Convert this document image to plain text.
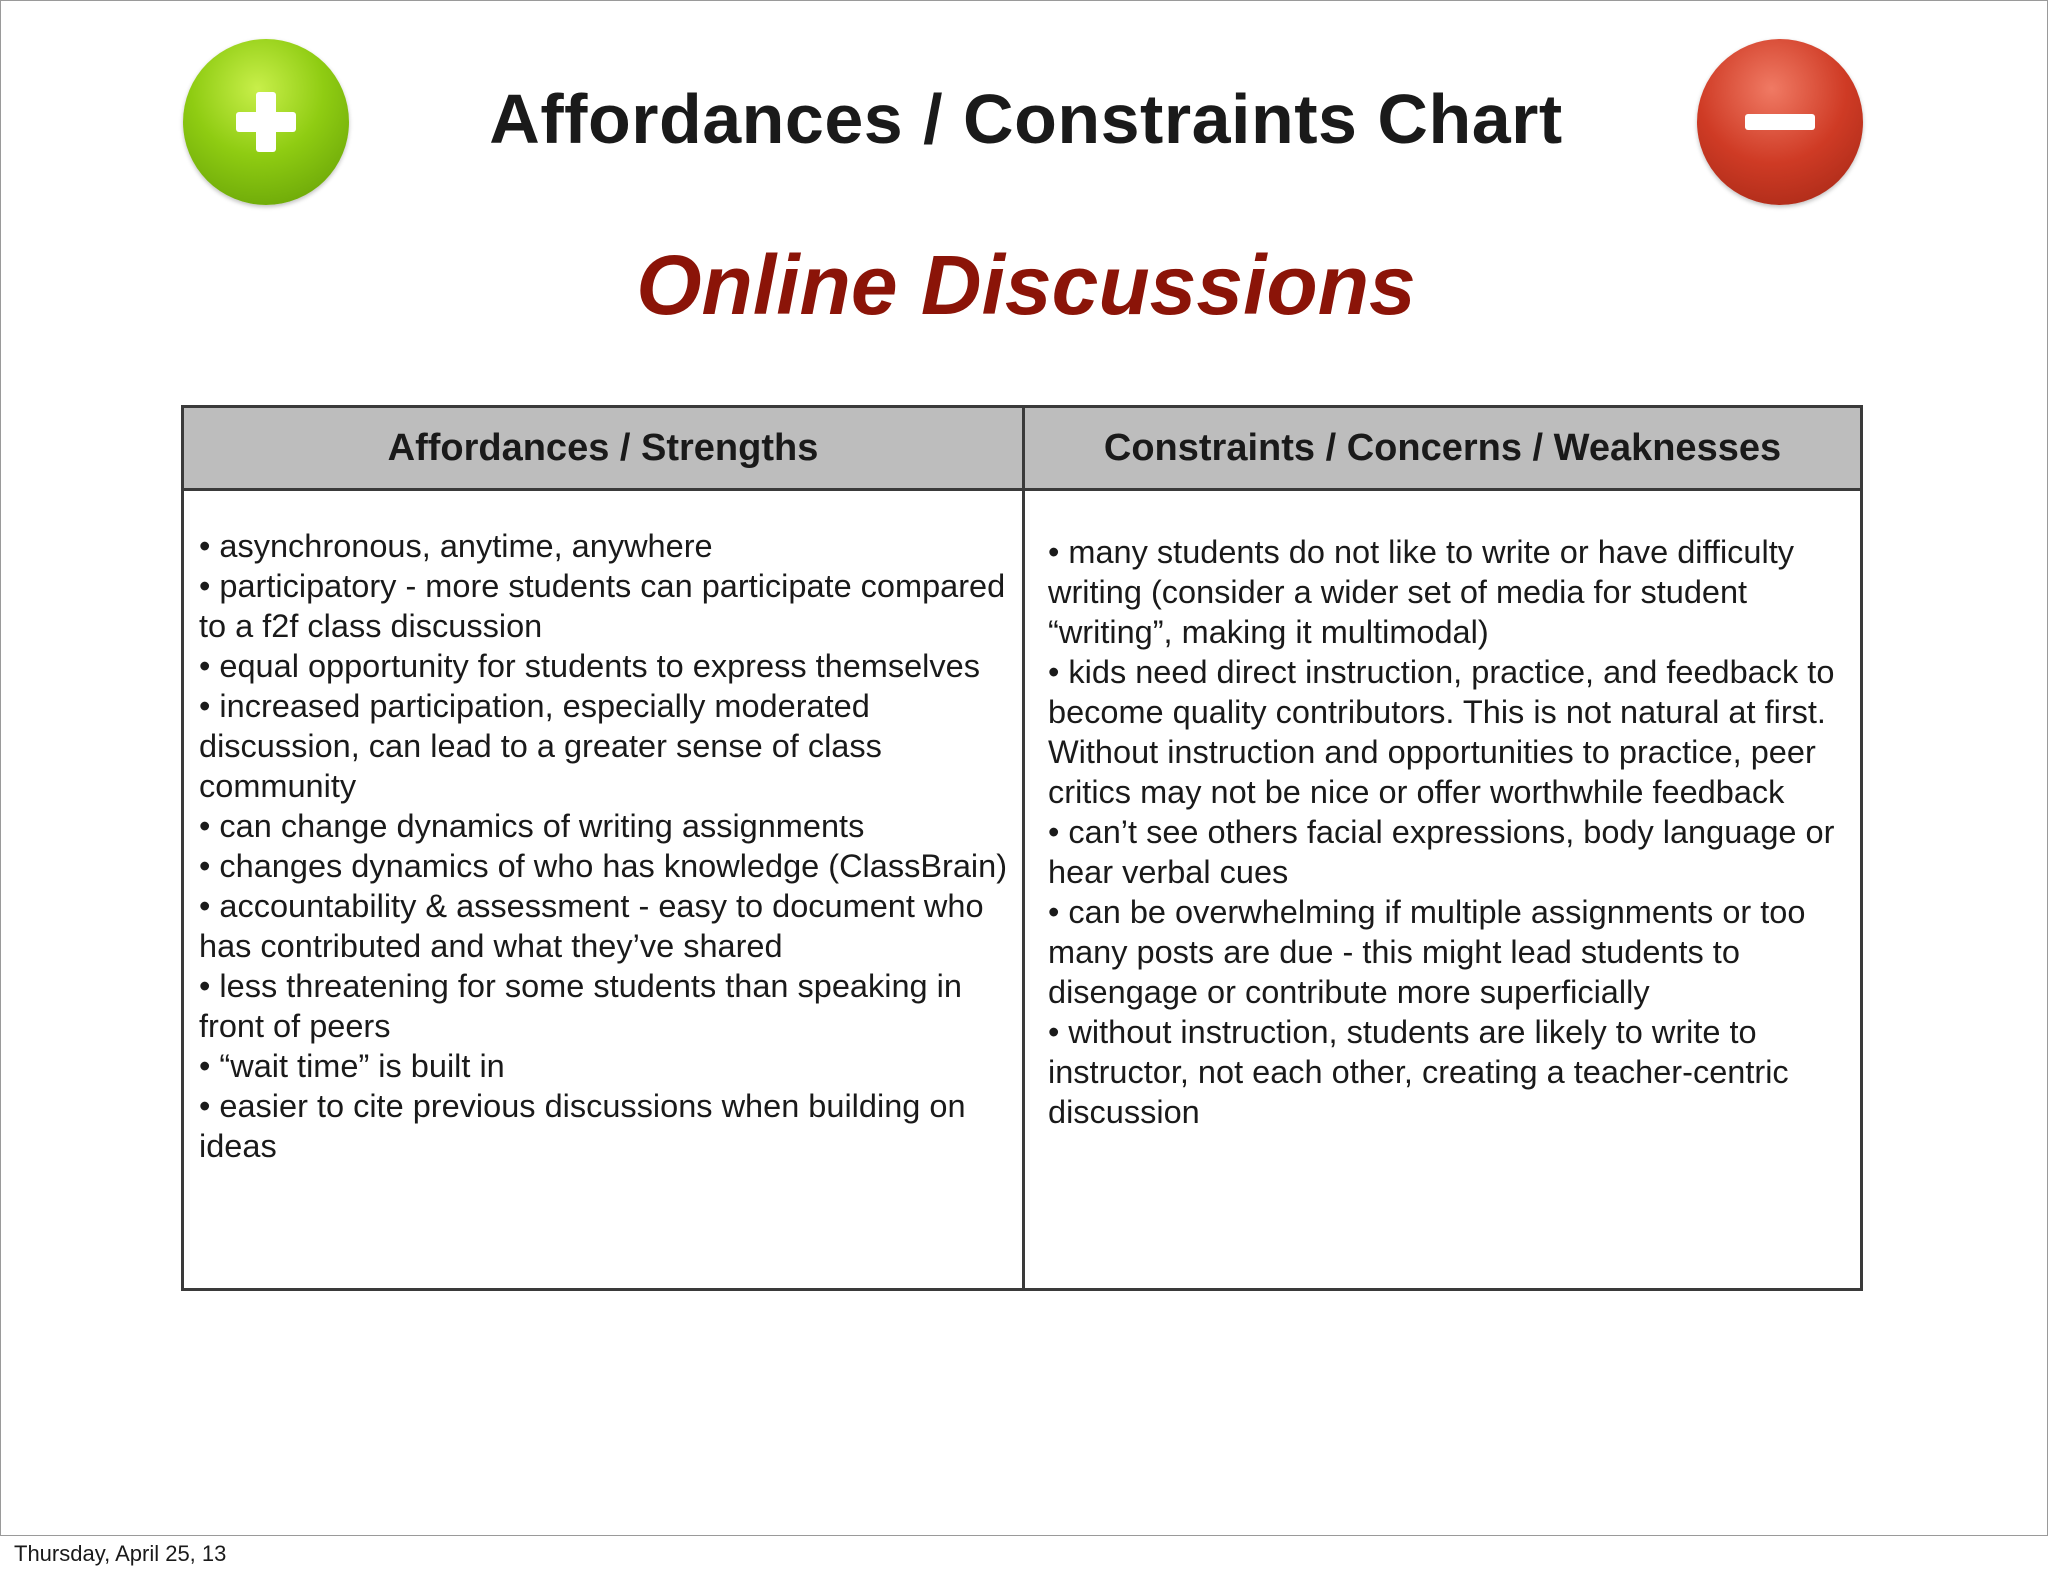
Affordances / Constraints Chart
Online Discussions
Affordances / Strengths	Constraints / Concerns / Weaknesses
• asynchronous, anytime, anywhere
• participatory - more students can participate compared to a f2f class discussion
• equal opportunity for students to express themselves
• increased participation, especially moderated discussion, can lead to a greater sense of class community
• can change dynamics of writing assignments
• changes dynamics of who has knowledge (ClassBrain)
• accountability & assessment - easy to document who has contributed and what they’ve shared
• less threatening for some students than speaking in front of peers
• “wait time” is built in
• easier to cite previous discussions when building on ideas
• many students do not like to write or have difficulty writing (consider a wider set of media for student “writing”, making it multimodal)
• kids need direct instruction, practice, and feedback to become quality contributors. This is not natural at first. Without instruction and opportunities to practice, peer critics may not be nice or offer worthwhile feedback
• can’t see others facial expressions, body language or hear verbal cues
• can be overwhelming if multiple assignments or too many posts are due - this might lead students to disengage or contribute more superficially
• without instruction, students are likely to write to instructor, not each other, creating a teacher-centric discussion
Thursday, April 25, 13
